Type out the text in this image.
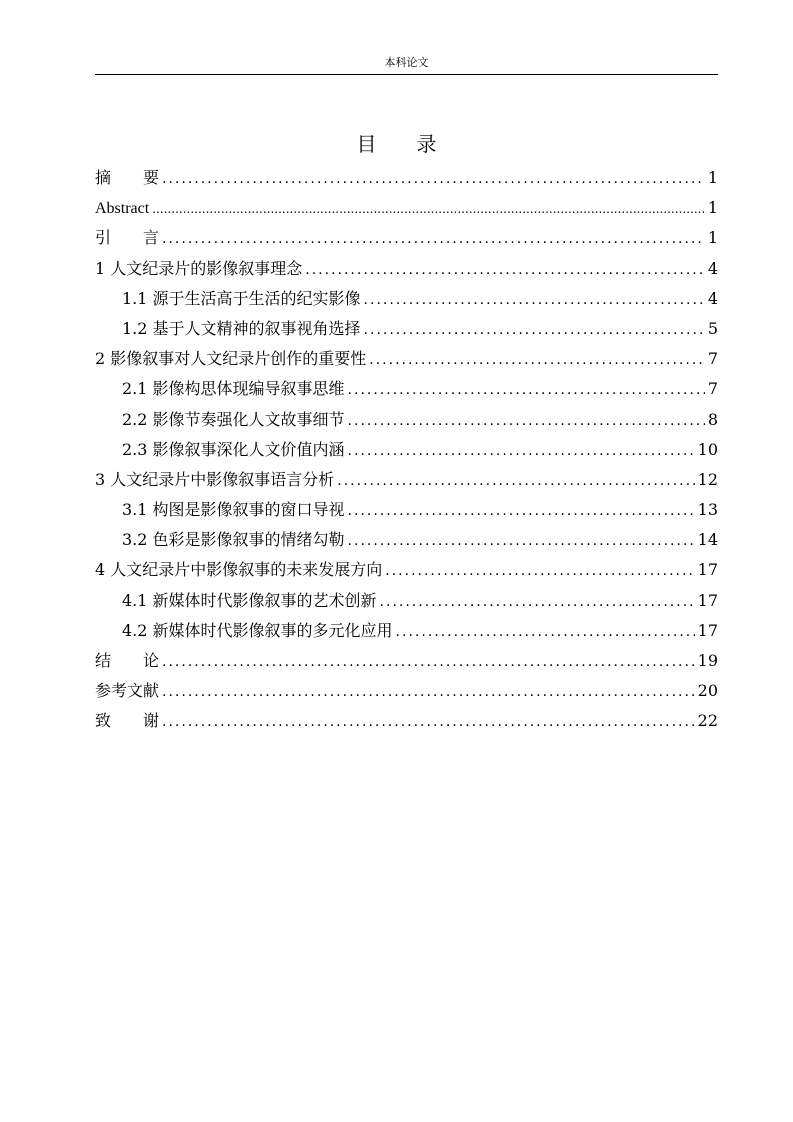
本科论文
目录
摘要 .....	1
Abstract .....	1
引言 .....	1
1 人文纪录片的影像叙事理念 .....	4
1.1 源于生活高于生活的纪实影像 .....	4
1.2 基于人文精神的叙事视角选择 .....	5
2 影像叙事对人文纪录片创作的重要性 .....	7
2.1 影像构思体现编导叙事思维 .....	7
2.2 影像节奏强化人文故事细节 .....	8
2.3 影像叙事深化人文价值内涵 .....	10
3 人文纪录片中影像叙事语言分析 .....	12
3.1 构图是影像叙事的窗口导视 .....	13
3.2 色彩是影像叙事的情绪勾勒 .....	14
4 人文纪录片中影像叙事的未来发展方向 .....	17
4.1 新媒体时代影像叙事的艺术创新 .....	17
4.2 新媒体时代影像叙事的多元化应用 .....	17
结论 .....	19
参考文献 .....	20
致谢 .....	22
